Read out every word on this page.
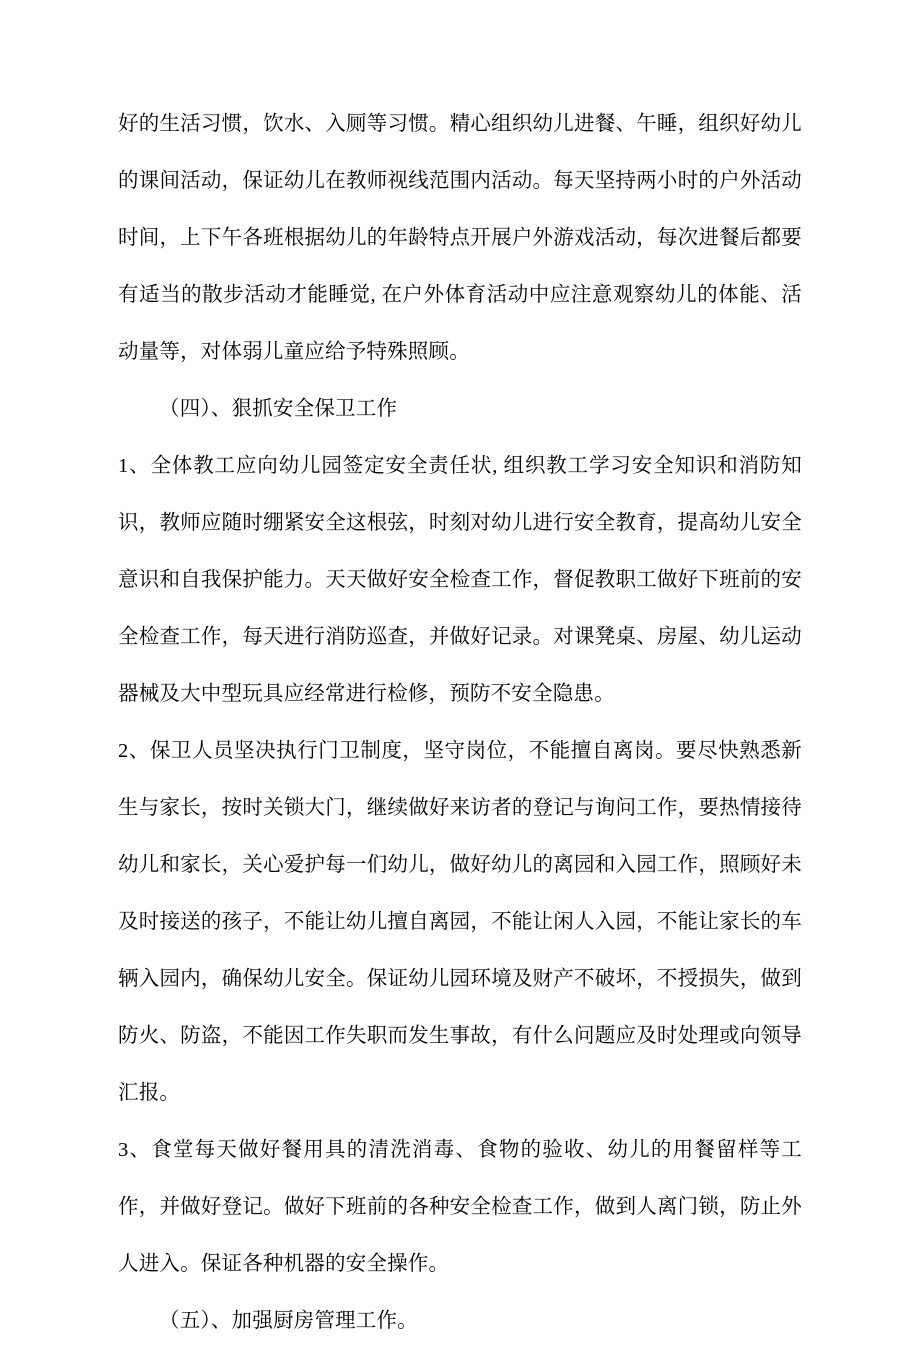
好的生活习惯，饮水、入厕等习惯。精心组织幼儿进餐、午睡，组织好幼儿的课间活动，保证幼儿在教师视线范围内活动。每天坚持两小时的户外活动时间，上下午各班根据幼儿的年龄特点开展户外游戏活动，每次进餐后都要有适当的散步活动才能睡觉, 在户外体育活动中应注意观察幼儿的体能、活动量等，对体弱儿童应给予特殊照顾。

（四）、狠抓安全保卫工作

1、全体教工应向幼儿园签定安全责任状, 组织教工学习安全知识和消防知识，教师应随时绷紧安全这根弦，时刻对幼儿进行安全教育，提高幼儿安全意识和自我保护能力。天天做好安全检查工作，督促教职工做好下班前的安全检查工作，每天进行消防巡查，并做好记录。对课凳桌、房屋、幼儿运动器械及大中型玩具应经常进行检修，预防不安全隐患。

2、保卫人员坚决执行门卫制度，坚守岗位，不能擅自离岗。要尽快熟悉新生与家长，按时关锁大门，继续做好来访者的登记与询问工作，要热情接待幼儿和家长，关心爱护每一们幼儿，做好幼儿的离园和入园工作，照顾好未及时接送的孩子，不能让幼儿擅自离园，不能让闲人入园，不能让家长的车辆入园内，确保幼儿安全。保证幼儿园环境及财产不破坏，不授损失，做到防火、防盗，不能因工作失职而发生事故，有什么问题应及时处理或向领导汇报。

3、食堂每天做好餐用具的清洗消毒、食物的验收、幼儿的用餐留样等工作，并做好登记。做好下班前的各种安全检查工作，做到人离门锁，防止外人进入。保证各种机器的安全操作。

（五）、加强厨房管理工作。
